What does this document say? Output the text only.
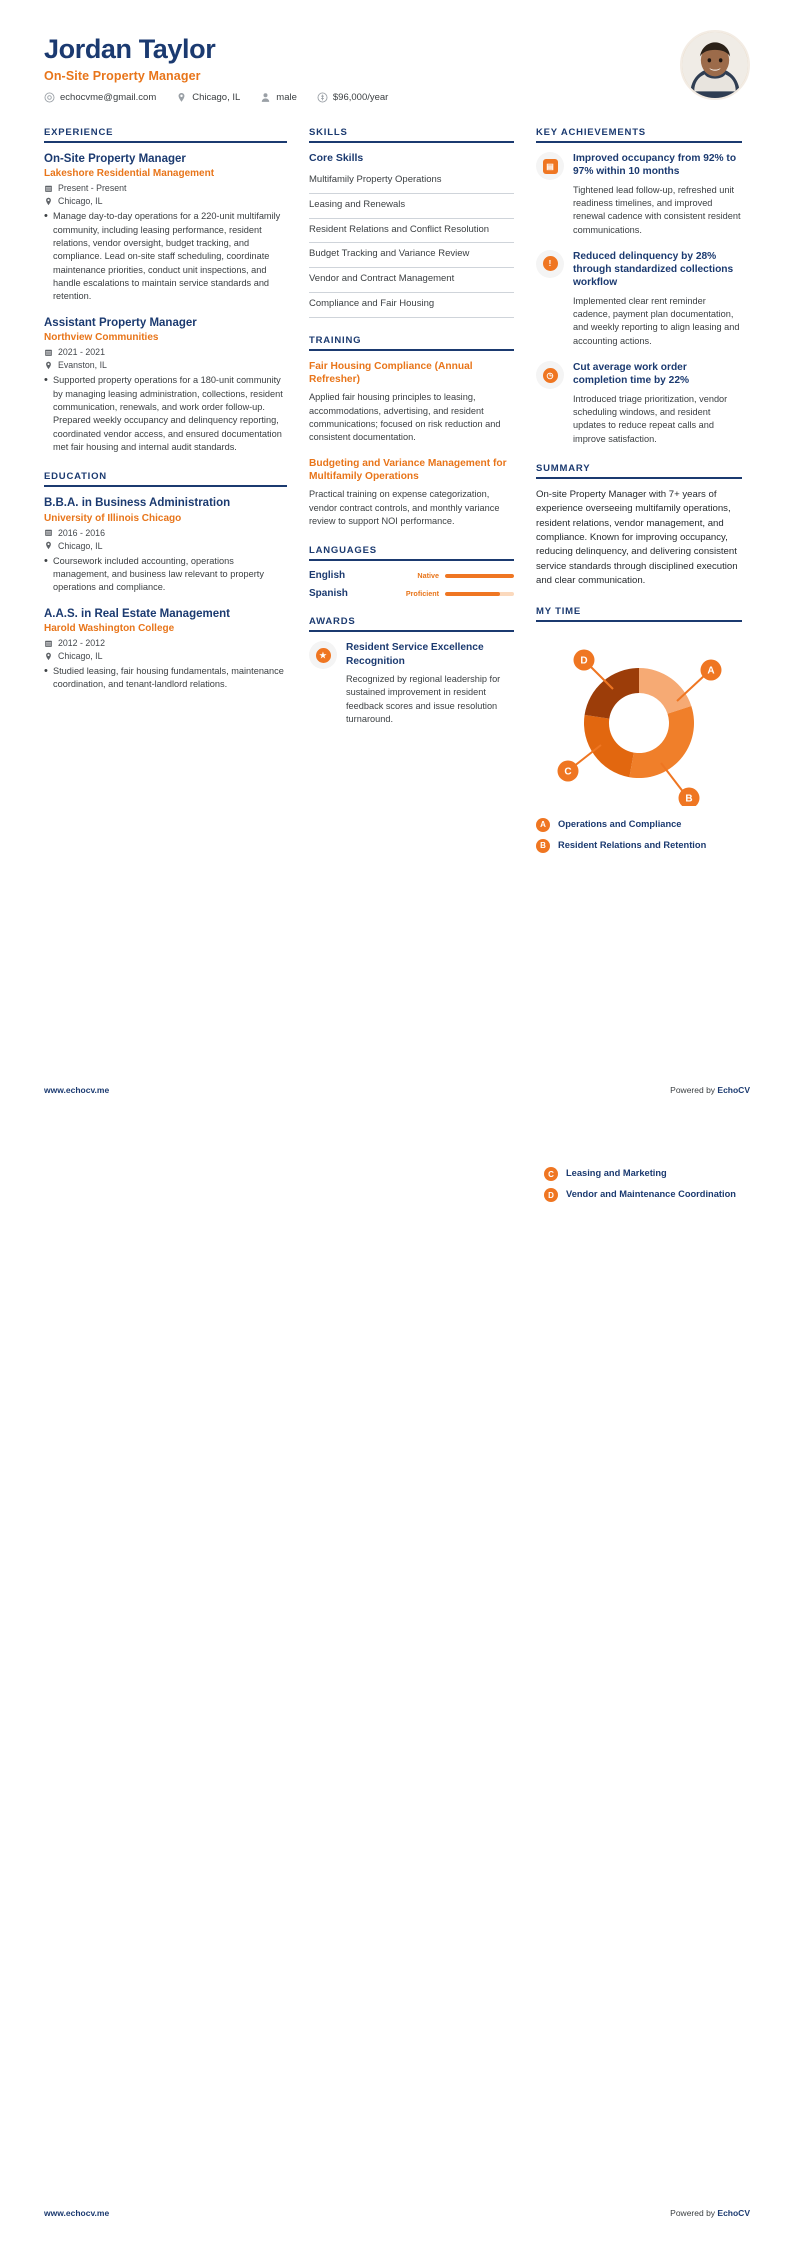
Jordan Taylor
On-Site Property Manager
echocvme@gmail.com	Chicago, IL	male	$96,000/year
EXPERIENCE
On-Site Property Manager
Lakeshore Residential Management
Present - Present
Chicago, IL
• Manage day-to-day operations for a 220-unit multifamily community, including leasing performance, resident relations, vendor oversight, budget tracking, and compliance. Lead on-site staff scheduling, coordinate maintenance priorities, conduct unit inspections, and handle escalations to maintain service standards and retention.
Assistant Property Manager
Northview Communities
2021 - 2021
Evanston, IL
• Supported property operations for a 180-unit community by managing leasing administration, collections, resident communication, renewals, and work order follow-up. Prepared weekly occupancy and delinquency reporting, coordinated vendor access, and ensured documentation met fair housing and internal audit standards.
EDUCATION
B.B.A. in Business Administration
University of Illinois Chicago
2016 - 2016
Chicago, IL
• Coursework included accounting, operations management, and business law relevant to property operations and compliance.
A.A.S. in Real Estate Management
Harold Washington College
2012 - 2012
Chicago, IL
• Studied leasing, fair housing fundamentals, maintenance coordination, and tenant-landlord relations.
SKILLS
Core Skills
Multifamily Property Operations
Leasing and Renewals
Resident Relations and Conflict Resolution
Budget Tracking and Variance Review
Vendor and Contract Management
Compliance and Fair Housing
TRAINING
Fair Housing Compliance (Annual Refresher)
Applied fair housing principles to leasing, accommodations, advertising, and resident communications; focused on risk reduction and consistent documentation.
Budgeting and Variance Management for Multifamily Operations
Practical training on expense categorization, vendor contract controls, and monthly variance review to support NOI performance.
LANGUAGES
English	Native
Spanish	Proficient
AWARDS
★
Resident Service Excellence Recognition
Recognized by regional leadership for sustained improvement in resident feedback scores and issue resolution turnaround.
KEY ACHIEVEMENTS
▤
Improved occupancy from 92% to 97% within 10 months
Tightened lead follow-up, refreshed unit readiness timelines, and improved renewal cadence with consistent resident communications.
!
Reduced delinquency by 28% through standardized collections workflow
Implemented clear rent reminder cadence, payment plan documentation, and weekly reporting to align leasing and accounting actions.
◷
Cut average work order completion time by 22%
Introduced triage prioritization, vendor scheduling windows, and resident updates to reduce repeat calls and improve satisfaction.
SUMMARY
On-site Property Manager with 7+ years of experience overseeing multifamily operations, resident relations, vendor management, and compliance. Known for improving occupancy, reducing delinquency, and delivering consistent service standards through disciplined execution and clear communication.
MY TIME
A
B
C
D
A	Operations and Compliance
B	Resident Relations and Retention
www.echocv.me	Powered by EchoCV
C	Leasing and Marketing
D	Vendor and Maintenance Coordination
www.echocv.me	Powered by EchoCV
